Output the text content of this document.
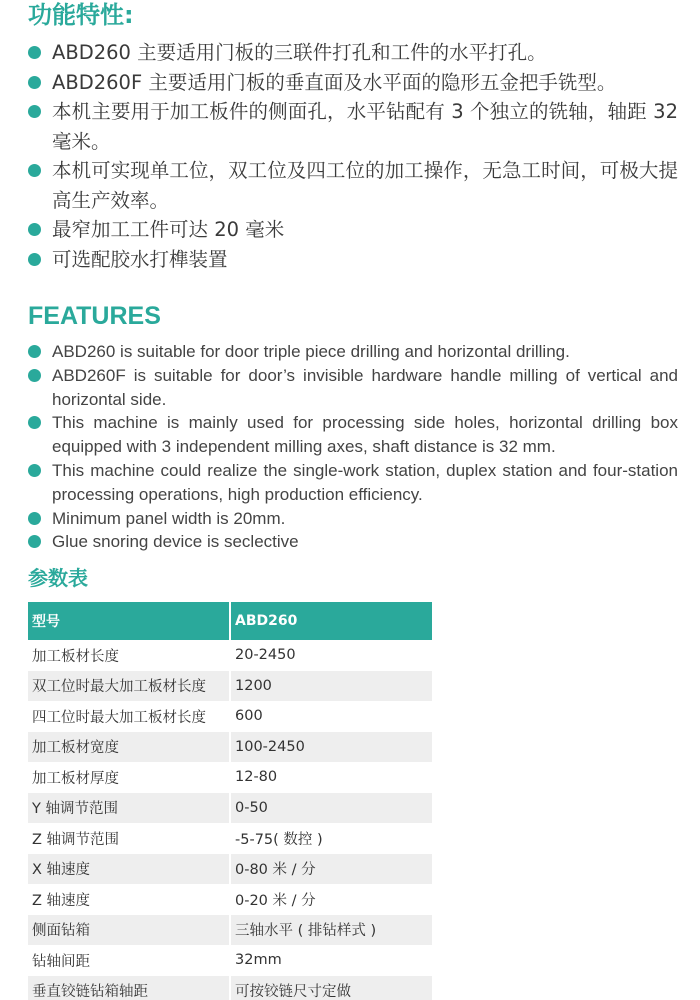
功能特性:
ABD260 主要适用门板的三联件打孔和工件的水平打孔。
ABD260F 主要适用门板的垂直面及水平面的隐形五金把手铣型。
本机主要用于加工板件的侧面孔，水平钻配有 3 个独立的铣轴，轴距 32 毫米。
本机可实现单工位，双工位及四工位的加工操作，无急工时间，可极大提高生产效率。
最窄加工工件可达 20 毫米
可选配胶水打榫装置
FEATURES
ABD260 is suitable for door triple piece drilling and horizontal drilling.
ABD260F is suitable for door’s invisible hardware handle milling of vertical and horizontal side.
This machine is mainly used for processing side holes, horizontal drilling box equipped with 3 independent milling axes, shaft distance is 32 mm.
This machine could realize the single-work station, duplex station and four-station processing operations, high production efficiency.
Minimum panel width is 20mm.
Glue snoring device is seclective
参数表
型号	ABD260
加工板材长度	20-2450
双工位时最大加工板材长度	1200
四工位时最大加工板材长度	600
加工板材宽度	100-2450
加工板材厚度	12-80
Y 轴调节范围	0-50
Z 轴调节范围	-5-75( 数控 )
X 轴速度	0-80 米 / 分
Z 轴速度	0-20 米 / 分
侧面钻箱	三轴水平 ( 排钻样式 )
钻轴间距	32mm
垂直铰链钻箱轴距	可按铰链尺寸定做
